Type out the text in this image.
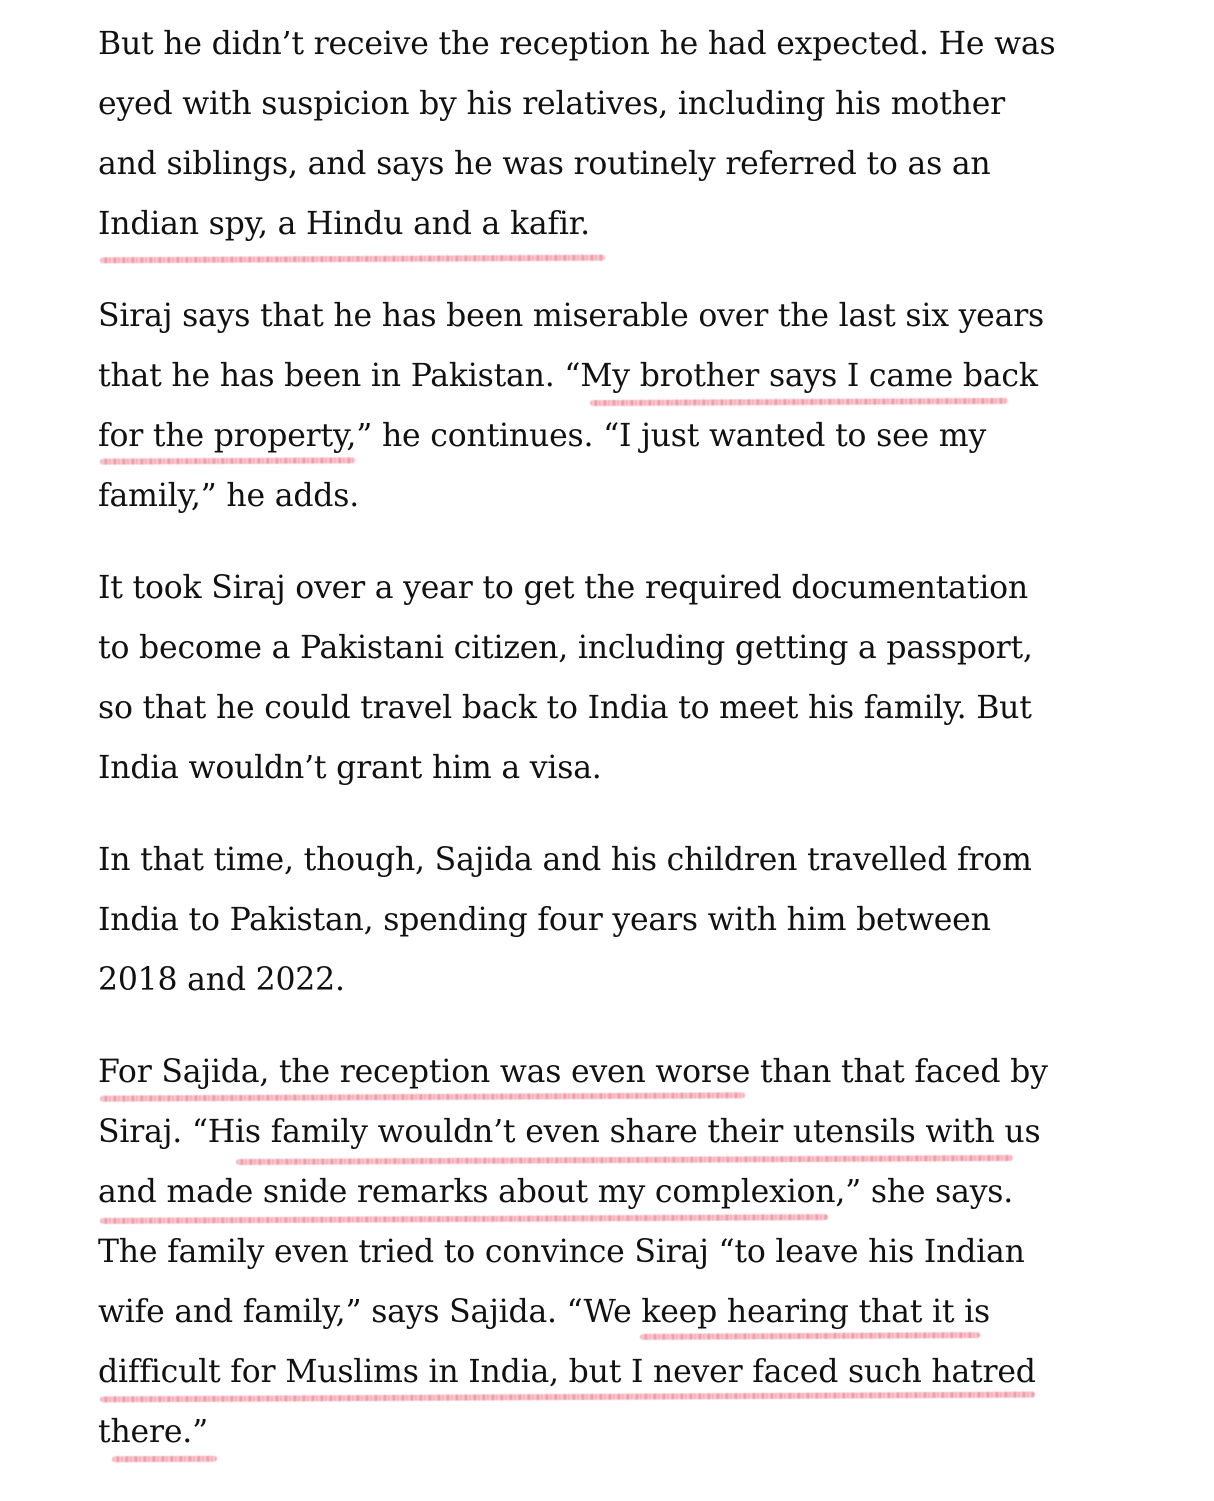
But he didn’t receive the reception he had expected. He was
eyed with suspicion by his relatives, including his mother
and siblings, and says he was routinely referred to as an
Indian spy, a Hindu and a kafir.

Siraj says that he has been miserable over the last six years
that he has been in Pakistan. “My brother says I came back
for the property,” he continues. “I just wanted to see my
family,” he adds.

It took Siraj over a year to get the required documentation
to become a Pakistani citizen, including getting a passport,
so that he could travel back to India to meet his family. But
India wouldn’t grant him a visa.

In that time, though, Sajida and his children travelled from
India to Pakistan, spending four years with him between
2018 and 2022.

For Sajida, the reception was even worse than that faced by
Siraj. “His family wouldn’t even share their utensils with us
and made snide remarks about my complexion,” she says.
The family even tried to convince Siraj “to leave his Indian
wife and family,” says Sajida. “We keep hearing that it is
difficult for Muslims in India, but I never faced such hatred
there.”
